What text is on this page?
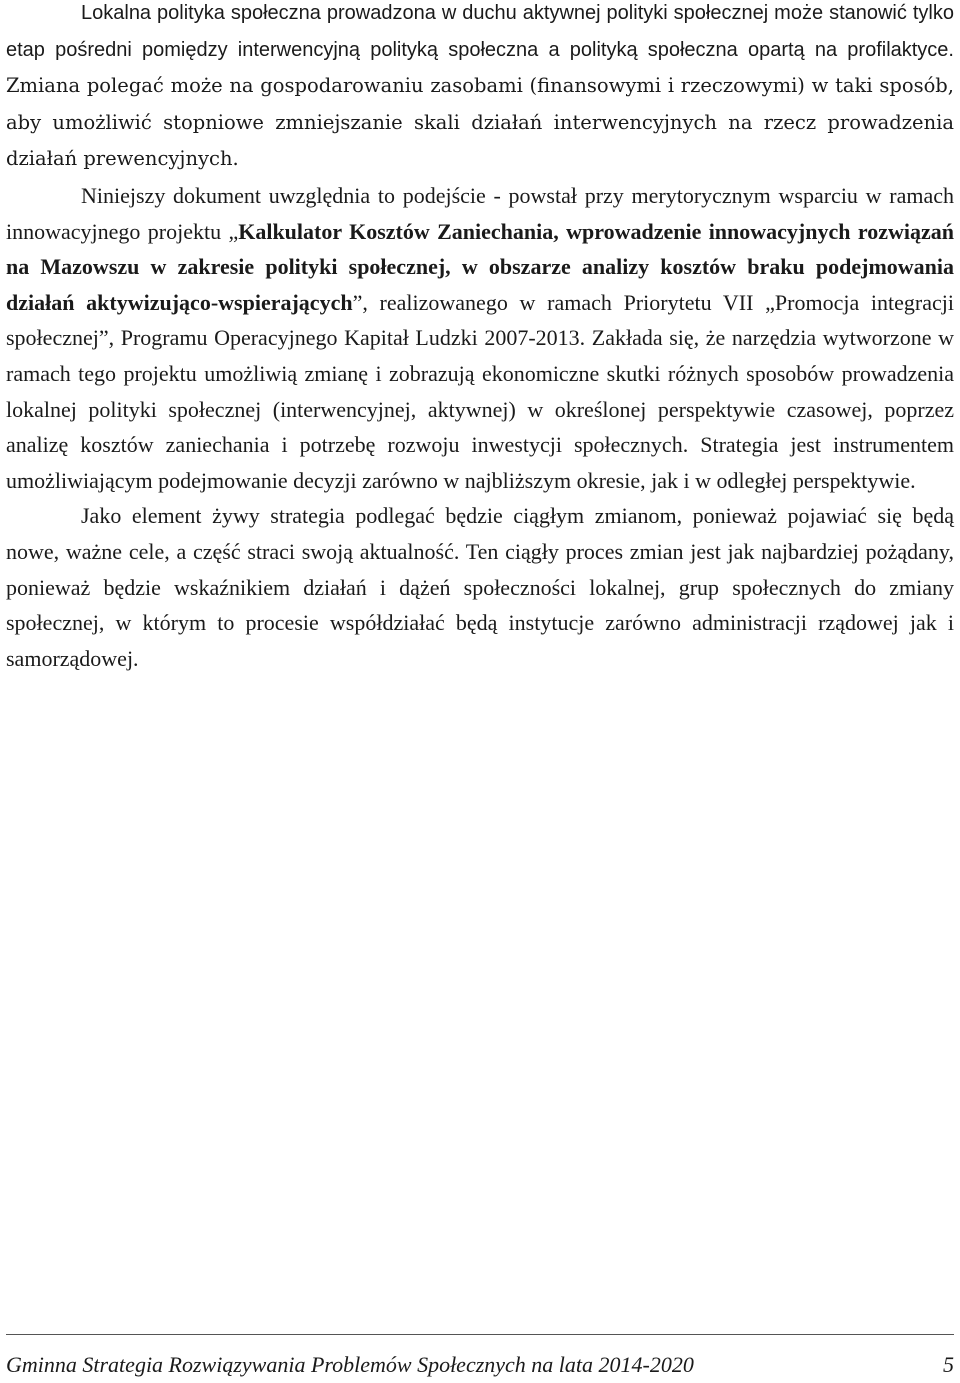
Lokalna polityka społeczna prowadzona w duchu aktywnej polityki społecznej może stanowić tylko etap pośredni pomiędzy interwencyjną polityką społeczna a polityką społeczna opartą na profilaktyce. Zmiana polegać może na gospodarowaniu zasobami (finansowymi i rzeczowymi) w taki sposób, aby umożliwić stopniowe zmniejszanie skali działań interwencyjnych na rzecz prowadzenia działań prewencyjnych.

Niniejszy dokument uwzględnia to podejście - powstał przy merytorycznym wsparciu w ramach innowacyjnego projektu „Kalkulator Kosztów Zaniechania, wprowadzenie innowacyjnych rozwiązań na Mazowszu w zakresie polityki społecznej, w obszarze analizy kosztów braku podejmowania działań aktywizująco-wspierających”, realizowanego w ramach Priorytetu VII „Promocja integracji społecznej”, Programu Operacyjnego Kapitał Ludzki 2007-2013. Zakłada się, że narzędzia wytworzone w ramach tego projektu umożliwią zmianę i zobrazują ekonomiczne skutki różnych sposobów prowadzenia lokalnej polityki społecznej (interwencyjnej, aktywnej) w określonej perspektywie czasowej, poprzez analizę kosztów zaniechania i potrzebę rozwoju inwestycji społecznych. Strategia jest instrumentem umożliwiającym podejmowanie decyzji zarówno w najbliższym okresie, jak i w odległej perspektywie.

Jako element żywy strategia podlegać będzie ciągłym zmianom, ponieważ pojawiać się będą nowe, ważne cele, a część straci swoją aktualność. Ten ciągły proces zmian jest jak najbardziej pożądany, ponieważ będzie wskaźnikiem działań i dążeń społeczności lokalnej, grup społecznych do zmiany społecznej, w którym to procesie współdziałać będą instytucje zarówno administracji rządowej jak i samorządowej.

Gminna Strategia Rozwiązywania Problemów Społecznych na lata 2014-2020	5
